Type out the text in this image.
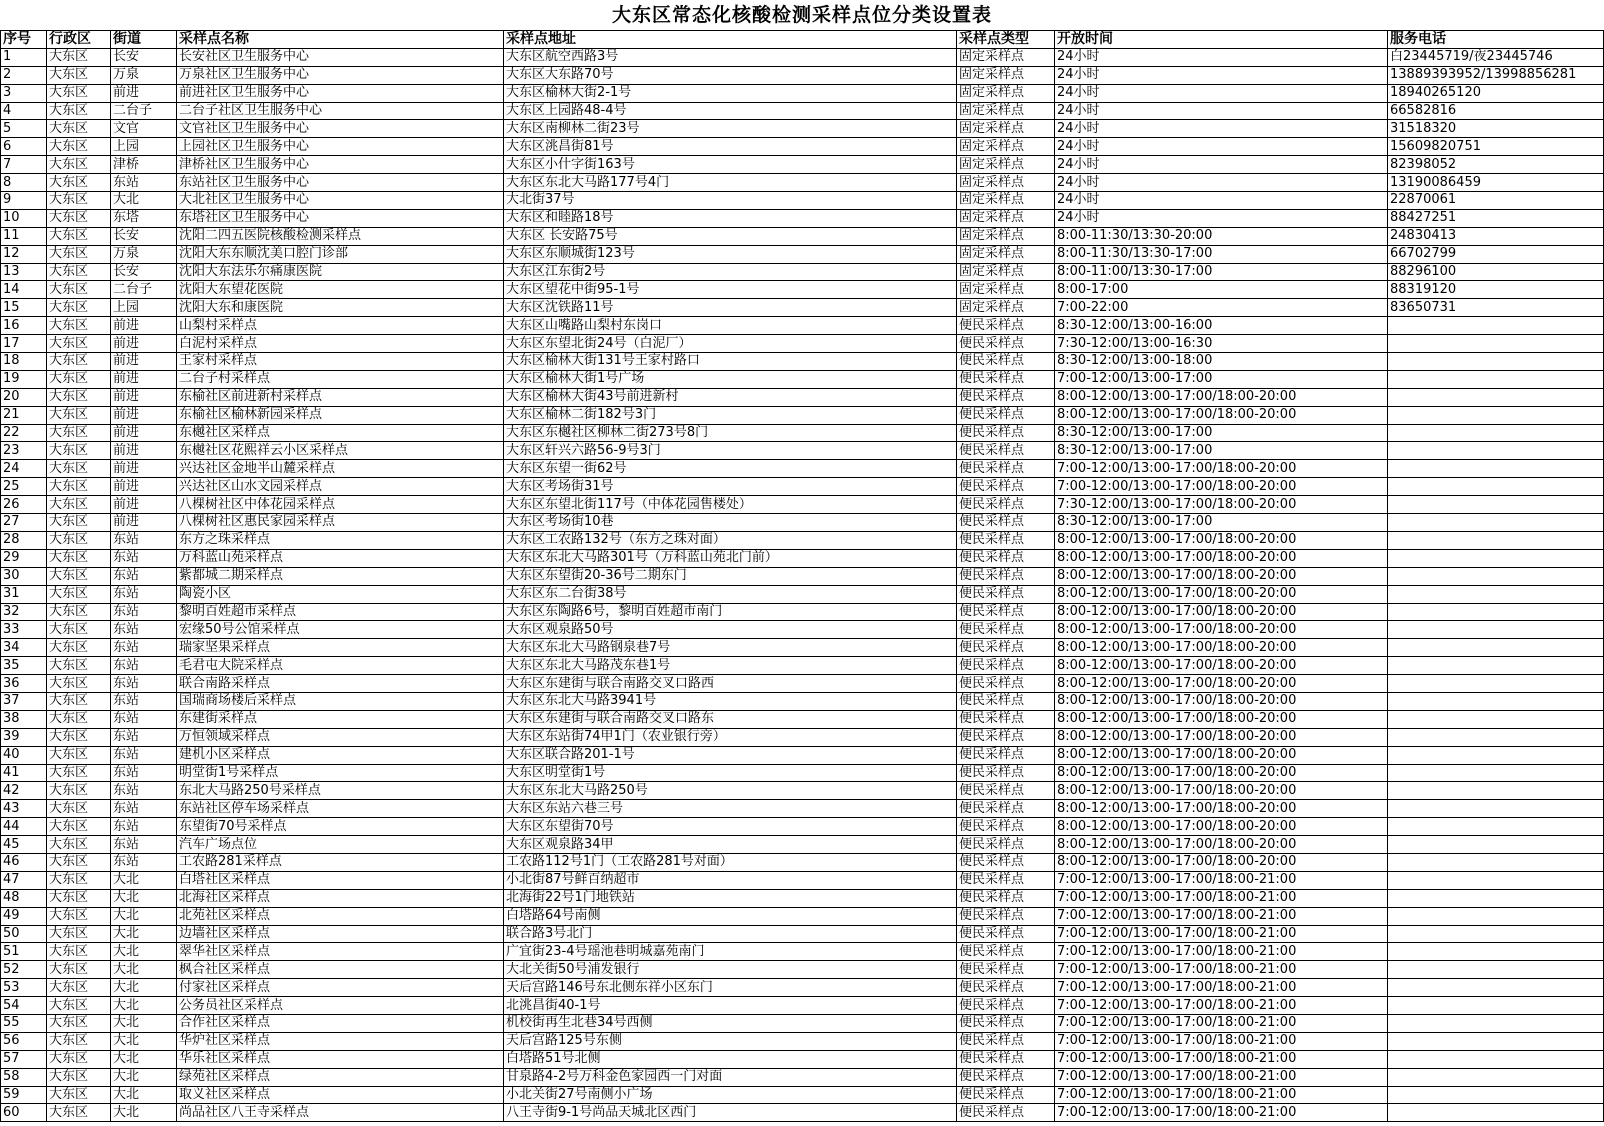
大东区常态化核酸检测采样点位分类设置表
序号	行政区	街道	采样点名称	采样点地址	采样点类型	开放时间	服务电话
1	大东区	长安	长安社区卫生服务中心	大东区航空西路3号	固定采样点	24小时	白23445719/夜23445746
2	大东区	万泉	万泉社区卫生服务中心	大东区大东路70号	固定采样点	24小时	13889393952/13998856281
3	大东区	前进	前进社区卫生服务中心	大东区榆林大街2-1号	固定采样点	24小时	18940265120
4	大东区	二台子	二台子社区卫生服务中心	大东区上园路48-4号	固定采样点	24小时	66582816
5	大东区	文官	文官社区卫生服务中心	大东区南柳林二街23号	固定采样点	24小时	31518320
6	大东区	上园	上园社区卫生服务中心	大东区洮昌街81号	固定采样点	24小时	15609820751
7	大东区	津桥	津桥社区卫生服务中心	大东区小什字街163号	固定采样点	24小时	82398052
8	大东区	东站	东站社区卫生服务中心	大东区东北大马路177号4门	固定采样点	24小时	13190086459
9	大东区	大北	大北社区卫生服务中心	大北街37号	固定采样点	24小时	22870061
10	大东区	东塔	东塔社区卫生服务中心	大东区和睦路18号	固定采样点	24小时	88427251
11	大东区	长安	沈阳二四五医院核酸检测采样点	大东区 长安路75号	固定采样点	8:00-11:30/13:30-20:00	24830413
12	大东区	万泉	沈阳大东东顺沈美口腔门诊部	大东区东顺城街123号	固定采样点	8:00-11:30/13:30-17:00	66702799
13	大东区	长安	沈阳大东法乐尔痛康医院	大东区江东街2号	固定采样点	8:00-11:00/13:30-17:00	88296100
14	大东区	二台子	沈阳大东望花医院	大东区望花中街95-1号	固定采样点	8:00-17:00	88319120
15	大东区	上园	沈阳大东和康医院	大东区沈铁路11号	固定采样点	7:00-22:00	83650731
16	大东区	前进	山梨村采样点	大东区山嘴路山梨村东岗口	便民采样点	8:30-12:00/13:00-16:00	
17	大东区	前进	白泥村采样点	大东区东望北街24号（白泥厂）	便民采样点	7:30-12:00/13:00-16:30	
18	大东区	前进	王家村采样点	大东区榆林大街131号王家村路口	便民采样点	8:30-12:00/13:00-18:00	
19	大东区	前进	二台子村采样点	大东区榆林大街1号广场	便民采样点	7:00-12:00/13:00-17:00	
20	大东区	前进	东榆社区前进新村采样点	大东区榆林大街43号前进新村	便民采样点	8:00-12:00/13:00-17:00/18:00-20:00	
21	大东区	前进	东榆社区榆林新园采样点	大东区榆林二街182号3门	便民采样点	8:00-12:00/13:00-17:00/18:00-20:00	
22	大东区	前进	东樾社区采样点	大东区东樾社区柳林二街273号8门	便民采样点	8:30-12:00/13:00-17:00	
23	大东区	前进	东樾社区花熙祥云小区采样点	大东区轩兴六路56-9号3门	便民采样点	8:30-12:00/13:00-17:00	
24	大东区	前进	兴达社区金地半山麓采样点	大东区东望一街62号	便民采样点	7:00-12:00/13:00-17:00/18:00-20:00	
25	大东区	前进	兴达社区山水文园采样点	大东区考场街31号	便民采样点	7:00-12:00/13:00-17:00/18:00-20:00	
26	大东区	前进	八棵树社区中体花园采样点	大东区东望北街117号（中体花园售楼处）	便民采样点	7:30-12:00/13:00-17:00/18:00-20:00	
27	大东区	前进	八棵树社区惠民家园采样点	大东区考场街10巷	便民采样点	8:30-12:00/13:00-17:00	
28	大东区	东站	东方之珠采样点	大东区工农路132号（东方之珠对面）	便民采样点	8:00-12:00/13:00-17:00/18:00-20:00	
29	大东区	东站	万科蓝山苑采样点	大东区东北大马路301号（万科蓝山苑北门前）	便民采样点	8:00-12:00/13:00-17:00/18:00-20:00	
30	大东区	东站	紫都城二期采样点	大东区东望街20-36号二期东门	便民采样点	8:00-12:00/13:00-17:00/18:00-20:00	
31	大东区	东站	陶瓷小区	大东区东二台街38号	便民采样点	8:00-12:00/13:00-17:00/18:00-20:00	
32	大东区	东站	黎明百姓超市采样点	大东区东陶路6号，黎明百姓超市南门	便民采样点	8:00-12:00/13:00-17:00/18:00-20:00	
33	大东区	东站	宏缘50号公馆采样点	大东区观泉路50号	便民采样点	8:00-12:00/13:00-17:00/18:00-20:00	
34	大东区	东站	瑞家坚果采样点	大东区东北大马路钢泉巷7号	便民采样点	8:00-12:00/13:00-17:00/18:00-20:00	
35	大东区	东站	毛君屯大院采样点	大东区东北大马路茂东巷1号	便民采样点	8:00-12:00/13:00-17:00/18:00-20:00	
36	大东区	东站	联合南路采样点	大东区东建街与联合南路交叉口路西	便民采样点	8:00-12:00/13:00-17:00/18:00-20:00	
37	大东区	东站	国瑞商场楼后采样点	大东区东北大马路3941号	便民采样点	8:00-12:00/13:00-17:00/18:00-20:00	
38	大东区	东站	东建街采样点	大东区东建街与联合南路交叉口路东	便民采样点	8:00-12:00/13:00-17:00/18:00-20:00	
39	大东区	东站	万恒领域采样点	大东区东站街74甲1门（农业银行旁）	便民采样点	8:00-12:00/13:00-17:00/18:00-20:00	
40	大东区	东站	建机小区采样点	大东区联合路201-1号	便民采样点	8:00-12:00/13:00-17:00/18:00-20:00	
41	大东区	东站	明堂街1号采样点	大东区明堂街1号	便民采样点	8:00-12:00/13:00-17:00/18:00-20:00	
42	大东区	东站	东北大马路250号采样点	大东区东北大马路250号	便民采样点	8:00-12:00/13:00-17:00/18:00-20:00	
43	大东区	东站	东站社区停车场采样点	大东区东站六巷三号	便民采样点	8:00-12:00/13:00-17:00/18:00-20:00	
44	大东区	东站	东望街70号采样点	大东区东望街70号	便民采样点	8:00-12:00/13:00-17:00/18:00-20:00	
45	大东区	东站	汽车广场点位	大东区观泉路34甲	便民采样点	8:00-12:00/13:00-17:00/18:00-20:00	
46	大东区	东站	工农路281采样点	工农路112号1门（工农路281号对面）	便民采样点	8:00-12:00/13:00-17:00/18:00-20:00	
47	大东区	大北	白塔社区采样点	小北街87号鲜百纳超市	便民采样点	7:00-12:00/13:00-17:00/18:00-21:00	
48	大东区	大北	北海社区采样点	北海街22号1门地铁站	便民采样点	7:00-12:00/13:00-17:00/18:00-21:00	
49	大东区	大北	北苑社区采样点	白塔路64号南侧	便民采样点	7:00-12:00/13:00-17:00/18:00-21:00	
50	大东区	大北	边墙社区采样点	联合路3号北门	便民采样点	7:00-12:00/13:00-17:00/18:00-21:00	
51	大东区	大北	翠华社区采样点	广宜街23-4号瑶池巷明城嘉苑南门	便民采样点	7:00-12:00/13:00-17:00/18:00-21:00	
52	大东区	大北	枫合社区采样点	大北关街50号浦发银行	便民采样点	7:00-12:00/13:00-17:00/18:00-21:00	
53	大东区	大北	付家社区采样点	天后宫路146号东北侧东祥小区东门	便民采样点	7:00-12:00/13:00-17:00/18:00-21:00	
54	大东区	大北	公务员社区采样点	北洮昌街40-1号	便民采样点	7:00-12:00/13:00-17:00/18:00-21:00	
55	大东区	大北	合作社区采样点	机校街再生北巷34号西侧	便民采样点	7:00-12:00/13:00-17:00/18:00-21:00	
56	大东区	大北	华炉社区采样点	天后宫路125号东侧	便民采样点	7:00-12:00/13:00-17:00/18:00-21:00	
57	大东区	大北	华乐社区采样点	白塔路51号北侧	便民采样点	7:00-12:00/13:00-17:00/18:00-21:00	
58	大东区	大北	绿苑社区采样点	甘泉路4-2号万科金色家园西一门对面	便民采样点	7:00-12:00/13:00-17:00/18:00-21:00	
59	大东区	大北	取义社区采样点	小北关街27号南侧小广场	便民采样点	7:00-12:00/13:00-17:00/18:00-21:00	
60	大东区	大北	尚品社区八王寺采样点	八王寺街9-1号尚品天城北区西门	便民采样点	7:00-12:00/13:00-17:00/18:00-21:00	
